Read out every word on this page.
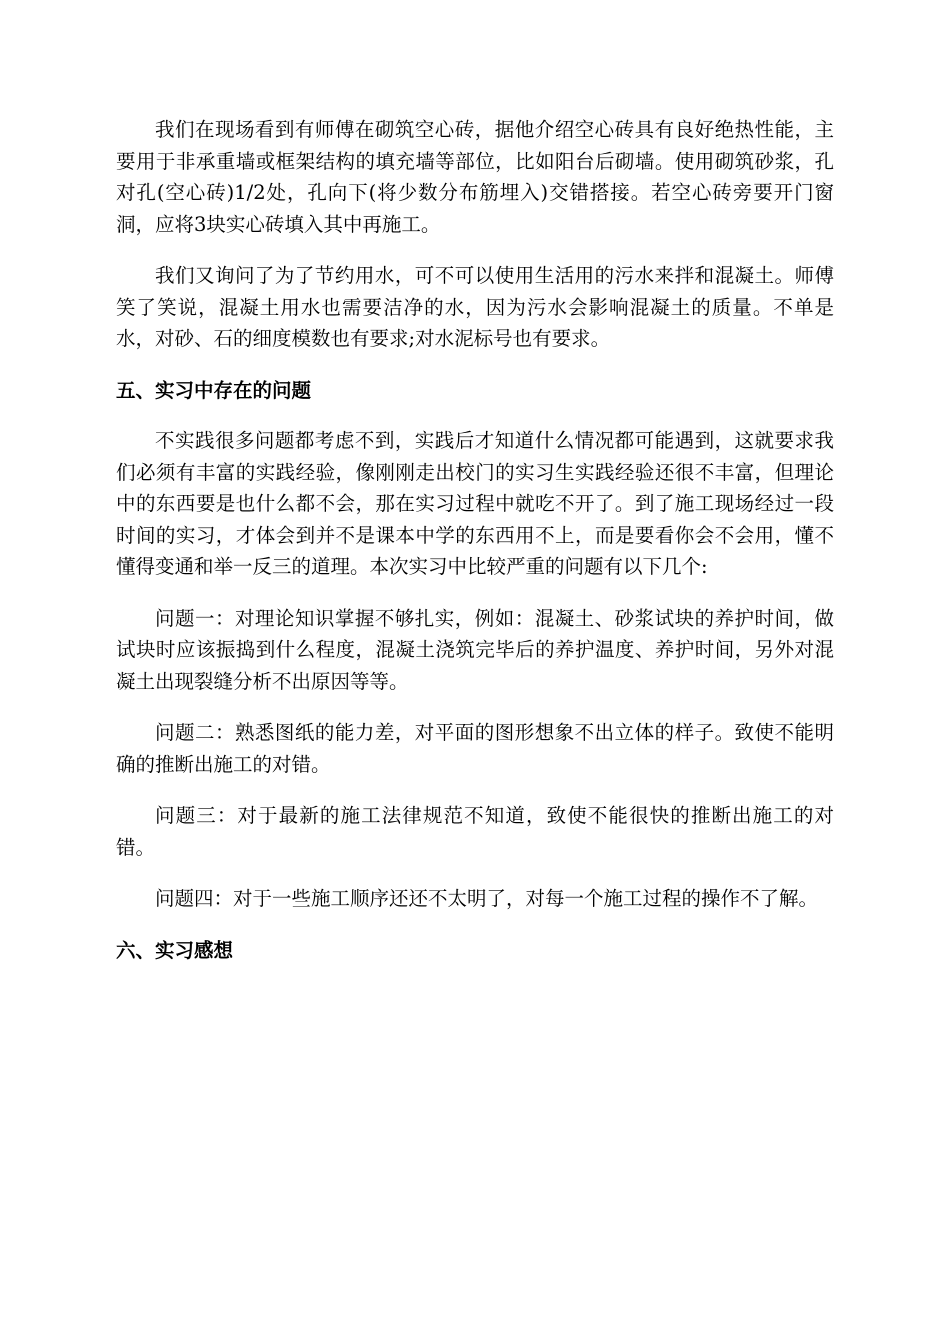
我们在现场看到有师傅在砌筑空心砖，据他介绍空心砖具有良好绝热性能，主要用于非承重墙或框架结构的填充墙等部位，比如阳台后砌墙。使用砌筑砂浆，孔对孔(空心砖)1/2处，孔向下(将少数分布筋埋入)交错搭接。若空心砖旁要开门窗洞，应将3块实心砖填入其中再施工。

我们又询问了为了节约用水，可不可以使用生活用的污水来拌和混凝土。师傅笑了笑说，混凝土用水也需要洁净的水，因为污水会影响混凝土的质量。不单是水，对砂、石的细度模数也有要求;对水泥标号也有要求。

五、实习中存在的问题

不实践很多问题都考虑不到，实践后才知道什么情况都可能遇到，这就要求我们必须有丰富的实践经验，像刚刚走出校门的实习生实践经验还很不丰富，但理论中的东西要是也什么都不会，那在实习过程中就吃不开了。到了施工现场经过一段时间的实习，才体会到并不是课本中学的东西用不上，而是要看你会不会用，懂不懂得变通和举一反三的道理。本次实习中比较严重的问题有以下几个:

问题一：对理论知识掌握不够扎实，例如：混凝土、砂浆试块的养护时间，做试块时应该振捣到什么程度，混凝土浇筑完毕后的养护温度、养护时间，另外对混凝土出现裂缝分析不出原因等等。

问题二：熟悉图纸的能力差，对平面的图形想象不出立体的样子。致使不能明确的推断出施工的对错。

问题三：对于最新的施工法律规范不知道，致使不能很快的推断出施工的对错。

问题四：对于一些施工顺序还还不太明了，对每一个施工过程的操作不了解。

六、实习感想
